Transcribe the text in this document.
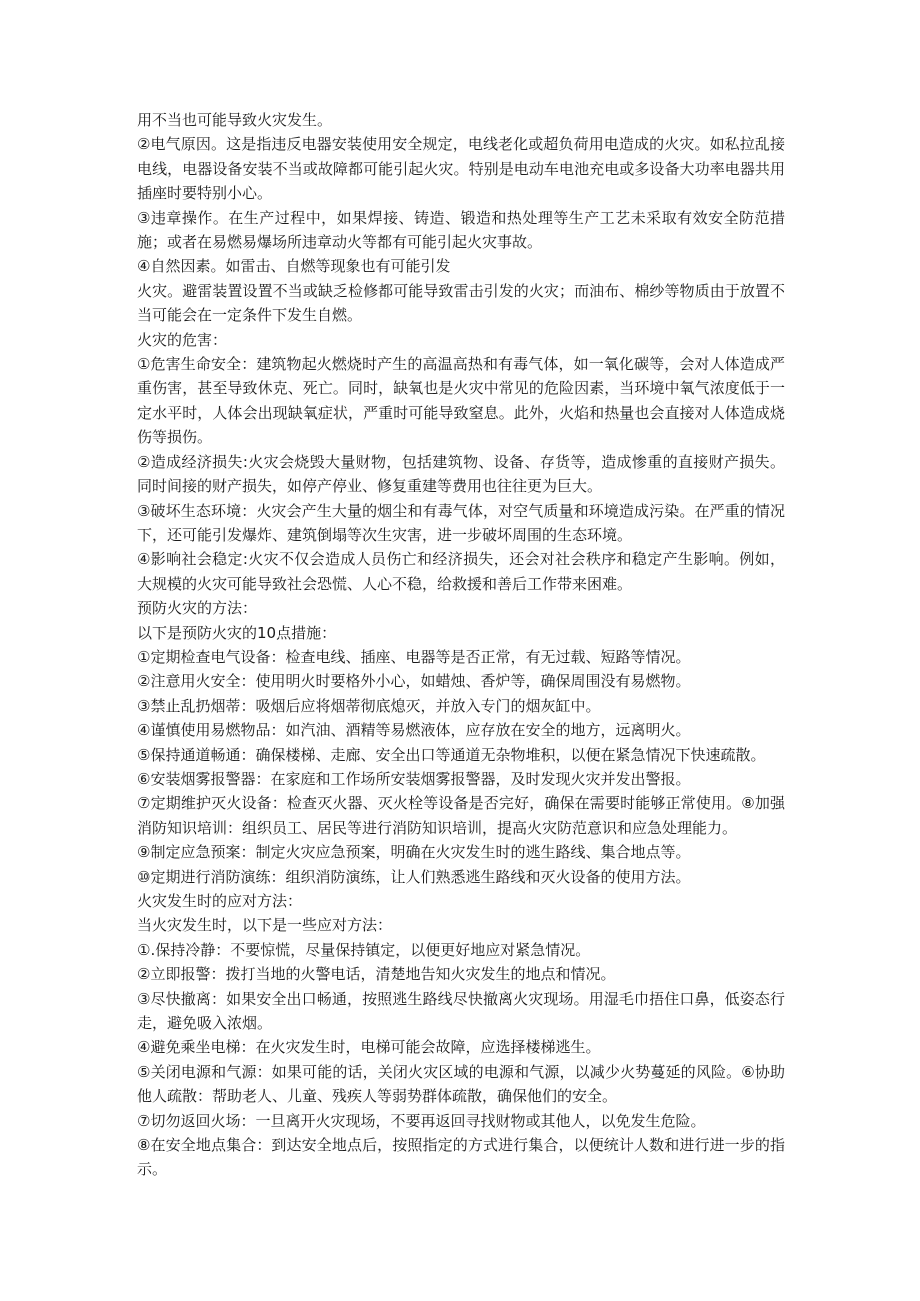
用不当也可能导致火灾发生。

②电气原因。这是指违反电器安装使用安全规定，电线老化或超负荷用电造成的火灾。如私拉乱接电线，电器设备安装不当或故障都可能引起火灾。特别是电动车电池充电或多设备大功率电器共用插座时要特别小心。

③违章操作。在生产过程中，如果焊接、铸造、锻造和热处理等生产工艺未采取有效安全防范措施；或者在易燃易爆场所违章动火等都有可能引起火灾事故。

④自然因素。如雷击、自燃等现象也有可能引发

火灾。避雷装置设置不当或缺乏检修都可能导致雷击引发的火灾；而油布、棉纱等物质由于放置不当可能会在一定条件下发生自燃。

火灾的危害：

①危害生命安全：建筑物起火燃烧时产生的高温高热和有毒气体，如一氧化碳等，会对人体造成严重伤害，甚至导致休克、死亡。同时，缺氧也是火灾中常见的危险因素，当环境中氧气浓度低于一定水平时，人体会出现缺氧症状，严重时可能导致窒息。此外，火焰和热量也会直接对人体造成烧伤等损伤。

②造成经济损失:火灾会烧毁大量财物，包括建筑物、设备、存货等，造成惨重的直接财产损失。同时间接的财产损失，如停产停业、修复重建等费用也往往更为巨大。

③破坏生态环境：火灾会产生大量的烟尘和有毒气体，对空气质量和环境造成污染。在严重的情况下，还可能引发爆炸、建筑倒塌等次生灾害，进一步破坏周围的生态环境。

④影响社会稳定:火灾不仅会造成人员伤亡和经济损失，还会对社会秩序和稳定产生影响。例如，大规模的火灾可能导致社会恐慌、人心不稳，给救援和善后工作带来困难。

预防火灾的方法：

以下是预防火灾的10点措施：

①定期检查电气设备：检查电线、插座、电器等是否正常，有无过载、短路等情况。

②注意用火安全：使用明火时要格外小心，如蜡烛、香炉等，确保周围没有易燃物。

③禁止乱扔烟蒂：吸烟后应将烟蒂彻底熄灭，并放入专门的烟灰缸中。

④谨慎使用易燃物品：如汽油、酒精等易燃液体，应存放在安全的地方，远离明火。

⑤保持通道畅通：确保楼梯、走廊、安全出口等通道无杂物堆积，以便在紧急情况下快速疏散。

⑥安装烟雾报警器：在家庭和工作场所安装烟雾报警器，及时发现火灾并发出警报。

⑦定期维护灭火设备：检查灭火器、灭火栓等设备是否完好，确保在需要时能够正常使用。⑧加强消防知识培训：组织员工、居民等进行消防知识培训，提高火灾防范意识和应急处理能力。

⑨制定应急预案：制定火灾应急预案，明确在火灾发生时的逃生路线、集合地点等。

⑩定期进行消防演练：组织消防演练，让人们熟悉逃生路线和灭火设备的使用方法。

火灾发生时的应对方法：

当火灾发生时，以下是一些应对方法：

①.保持冷静：不要惊慌，尽量保持镇定，以便更好地应对紧急情况。

②立即报警：拨打当地的火警电话，清楚地告知火灾发生的地点和情况。

③尽快撤离：如果安全出口畅通，按照逃生路线尽快撤离火灾现场。用湿毛巾捂住口鼻，低姿态行走，避免吸入浓烟。

④避免乘坐电梯：在火灾发生时，电梯可能会故障，应选择楼梯逃生。

⑤关闭电源和气源：如果可能的话，关闭火灾区域的电源和气源，以减少火势蔓延的风险。⑥协助他人疏散：帮助老人、儿童、残疾人等弱势群体疏散，确保他们的安全。

⑦切勿返回火场：一旦离开火灾现场，不要再返回寻找财物或其他人，以免发生危险。

⑧在安全地点集合：到达安全地点后，按照指定的方式进行集合，以便统计人数和进行进一步的指示。
